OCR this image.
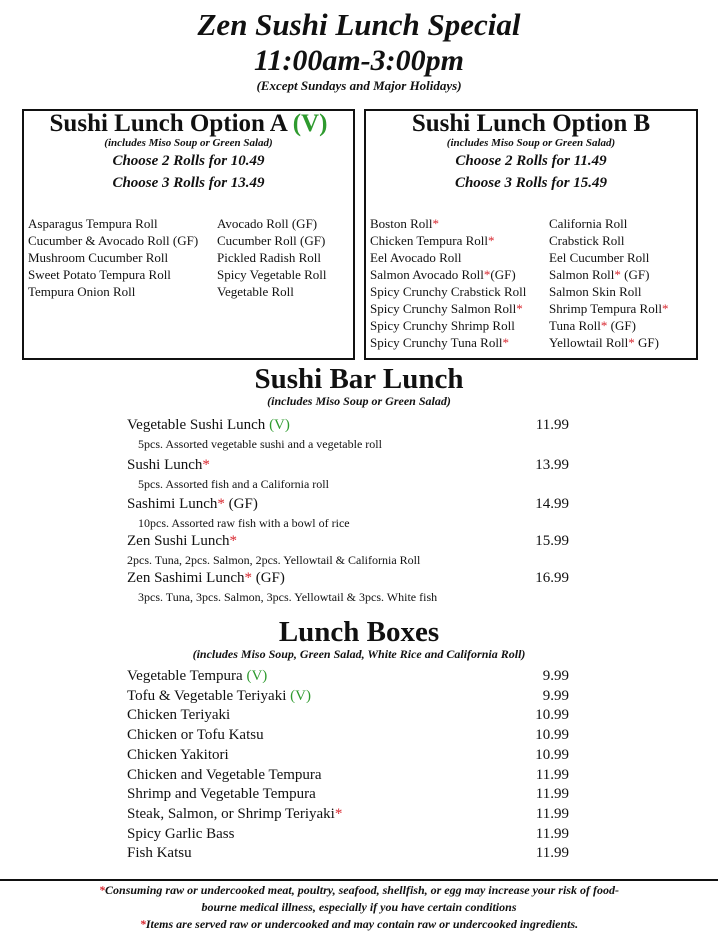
Zen Sushi Lunch Special
11:00am-3:00pm
(Except Sundays and Major Holidays)
Sushi Lunch Option A (V)
(includes Miso Soup or Green Salad)
Choose 2 Rolls for 10.49
Choose 3 Rolls for 13.49
Asparagus Tempura Roll	Avocado Roll (GF)
Cucumber & Avocado Roll (GF)	Cucumber Roll (GF)
Mushroom Cucumber Roll	Pickled Radish Roll
Sweet Potato Tempura Roll	Spicy Vegetable Roll
Tempura Onion Roll	Vegetable Roll
Sushi Lunch Option B
(includes Miso Soup or Green Salad)
Choose 2 Rolls for 11.49
Choose 3 Rolls for 15.49
Boston Roll*	California Roll
Chicken Tempura Roll*	Crabstick Roll
Eel Avocado Roll	Eel Cucumber Roll
Salmon Avocado Roll*(GF)	Salmon Roll* (GF)
Spicy Crunchy Crabstick Roll	Salmon Skin Roll
Spicy Crunchy Salmon Roll*	Shrimp Tempura Roll*
Spicy Crunchy Shrimp Roll	Tuna Roll* (GF)
Spicy Crunchy Tuna Roll*	Yellowtail Roll* GF)
Sushi Bar Lunch
(includes Miso Soup or Green Salad)
Vegetable Sushi Lunch (V)	11.99
5pcs. Assorted vegetable sushi and a vegetable roll
Sushi Lunch*	13.99
5pcs. Assorted fish and a California roll
Sashimi Lunch* (GF)	14.99
10pcs. Assorted raw fish with a bowl of rice
Zen Sushi Lunch*	15.99
2pcs. Tuna, 2pcs. Salmon, 2pcs. Yellowtail & California Roll
Zen Sashimi Lunch* (GF)	16.99
3pcs. Tuna, 3pcs. Salmon, 3pcs. Yellowtail & 3pcs. White fish
Lunch Boxes
(includes Miso Soup, Green Salad, White Rice and California Roll)
Vegetable Tempura (V)	9.99
Tofu & Vegetable Teriyaki (V)	9.99
Chicken Teriyaki	10.99
Chicken or Tofu Katsu	10.99
Chicken Yakitori	10.99
Chicken and Vegetable Tempura	11.99
Shrimp and Vegetable Tempura	11.99
Steak, Salmon, or Shrimp Teriyaki*	11.99
Spicy Garlic Bass	11.99
Fish Katsu	11.99
*Consuming raw or undercooked meat, poultry, seafood, shellfish, or egg may increase your risk of food-
bourne medical illness, especially if you have certain conditions
*Items are served raw or undercooked and may contain raw or undercooked ingredients.
